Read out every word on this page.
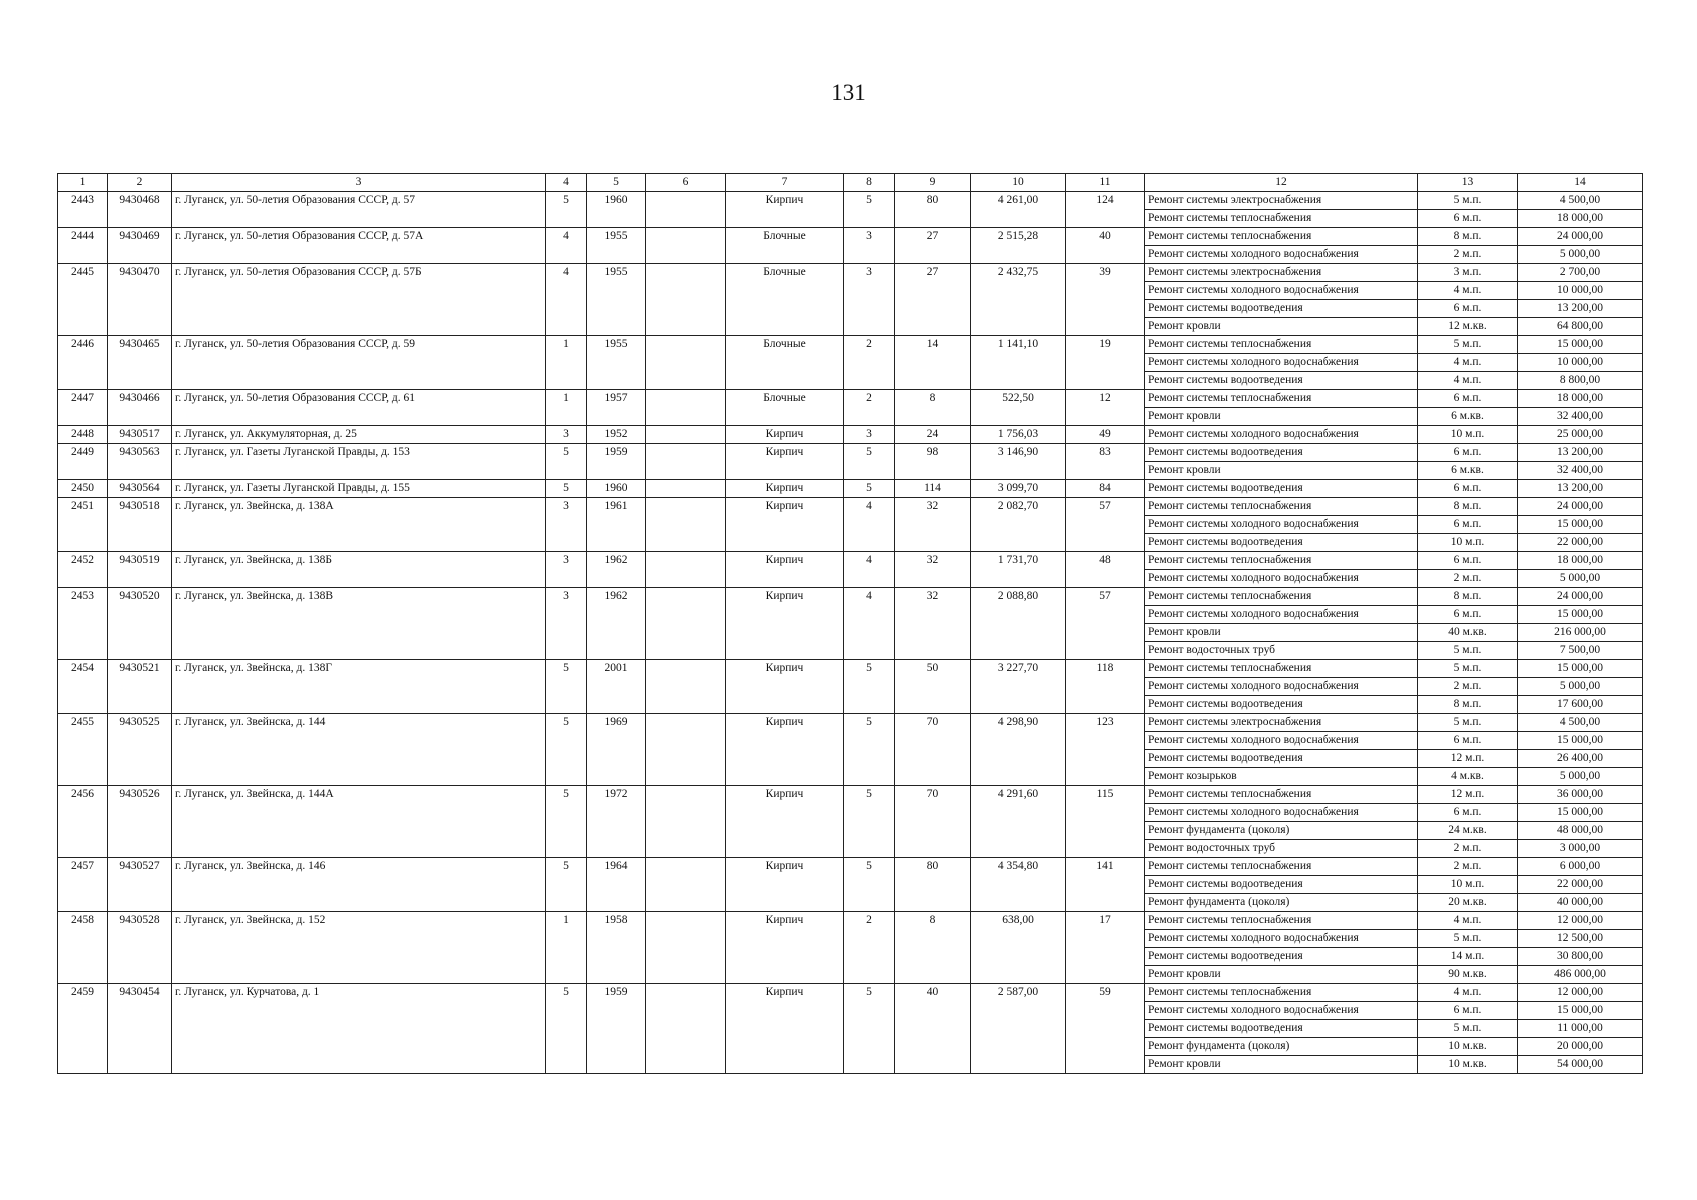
131
1	2	3	4	5	6	7	8	9	10	11	12	13	14
2443	9430468	г. Луганск, ул. 50-летия Образования СССР, д. 57	5	1960		Кирпич	5	80	4 261,00	124	Ремонт системы электроснабжения	5 м.п.	4 500,00
											Ремонт системы теплоснабжения	6 м.п.	18 000,00
2444	9430469	г. Луганск, ул. 50-летия Образования СССР, д. 57А	4	1955		Блочные	3	27	2 515,28	40	Ремонт системы теплоснабжения	8 м.п.	24 000,00
											Ремонт системы холодного водоснабжения	2 м.п.	5 000,00
2445	9430470	г. Луганск, ул. 50-летия Образования СССР, д. 57Б	4	1955		Блочные	3	27	2 432,75	39	Ремонт системы электроснабжения	3 м.п.	2 700,00
											Ремонт системы холодного водоснабжения	4 м.п.	10 000,00
											Ремонт системы водоотведения	6 м.п.	13 200,00
											Ремонт кровли	12 м.кв.	64 800,00
2446	9430465	г. Луганск, ул. 50-летия Образования СССР, д. 59	1	1955		Блочные	2	14	1 141,10	19	Ремонт системы теплоснабжения	5 м.п.	15 000,00
											Ремонт системы холодного водоснабжения	4 м.п.	10 000,00
											Ремонт системы водоотведения	4 м.п.	8 800,00
2447	9430466	г. Луганск, ул. 50-летия Образования СССР, д. 61	1	1957		Блочные	2	8	522,50	12	Ремонт системы теплоснабжения	6 м.п.	18 000,00
											Ремонт кровли	6 м.кв.	32 400,00
2448	9430517	г. Луганск, ул. Аккумуляторная, д. 25	3	1952		Кирпич	3	24	1 756,03	49	Ремонт системы холодного водоснабжения	10 м.п.	25 000,00
2449	9430563	г. Луганск, ул. Газеты Луганской Правды, д. 153	5	1959		Кирпич	5	98	3 146,90	83	Ремонт системы водоотведения	6 м.п.	13 200,00
											Ремонт кровли	6 м.кв.	32 400,00
2450	9430564	г. Луганск, ул. Газеты Луганской Правды, д. 155	5	1960		Кирпич	5	114	3 099,70	84	Ремонт системы водоотведения	6 м.п.	13 200,00
2451	9430518	г. Луганск, ул. Звейнска, д. 138А	3	1961		Кирпич	4	32	2 082,70	57	Ремонт системы теплоснабжения	8 м.п.	24 000,00
											Ремонт системы холодного водоснабжения	6 м.п.	15 000,00
											Ремонт системы водоотведения	10 м.п.	22 000,00
2452	9430519	г. Луганск, ул. Звейнска, д. 138Б	3	1962		Кирпич	4	32	1 731,70	48	Ремонт системы теплоснабжения	6 м.п.	18 000,00
											Ремонт системы холодного водоснабжения	2 м.п.	5 000,00
2453	9430520	г. Луганск, ул. Звейнска, д. 138В	3	1962		Кирпич	4	32	2 088,80	57	Ремонт системы теплоснабжения	8 м.п.	24 000,00
											Ремонт системы холодного водоснабжения	6 м.п.	15 000,00
											Ремонт кровли	40 м.кв.	216 000,00
											Ремонт водосточных труб	5 м.п.	7 500,00
2454	9430521	г. Луганск, ул. Звейнска, д. 138Г	5	2001		Кирпич	5	50	3 227,70	118	Ремонт системы теплоснабжения	5 м.п.	15 000,00
											Ремонт системы холодного водоснабжения	2 м.п.	5 000,00
											Ремонт системы водоотведения	8 м.п.	17 600,00
2455	9430525	г. Луганск, ул. Звейнска, д. 144	5	1969		Кирпич	5	70	4 298,90	123	Ремонт системы электроснабжения	5 м.п.	4 500,00
											Ремонт системы холодного водоснабжения	6 м.п.	15 000,00
											Ремонт системы водоотведения	12 м.п.	26 400,00
											Ремонт козырьков	4 м.кв.	5 000,00
2456	9430526	г. Луганск, ул. Звейнска, д. 144А	5	1972		Кирпич	5	70	4 291,60	115	Ремонт системы теплоснабжения	12 м.п.	36 000,00
											Ремонт системы холодного водоснабжения	6 м.п.	15 000,00
											Ремонт фундамента (цоколя)	24 м.кв.	48 000,00
											Ремонт водосточных труб	2 м.п.	3 000,00
2457	9430527	г. Луганск, ул. Звейнска, д. 146	5	1964		Кирпич	5	80	4 354,80	141	Ремонт системы теплоснабжения	2 м.п.	6 000,00
											Ремонт системы водоотведения	10 м.п.	22 000,00
											Ремонт фундамента (цоколя)	20 м.кв.	40 000,00
2458	9430528	г. Луганск, ул. Звейнска, д. 152	1	1958		Кирпич	2	8	638,00	17	Ремонт системы теплоснабжения	4 м.п.	12 000,00
											Ремонт системы холодного водоснабжения	5 м.п.	12 500,00
											Ремонт системы водоотведения	14 м.п.	30 800,00
											Ремонт кровли	90 м.кв.	486 000,00
2459	9430454	г. Луганск, ул. Курчатова, д. 1	5	1959		Кирпич	5	40	2 587,00	59	Ремонт системы теплоснабжения	4 м.п.	12 000,00
											Ремонт системы холодного водоснабжения	6 м.п.	15 000,00
											Ремонт системы водоотведения	5 м.п.	11 000,00
											Ремонт фундамента (цоколя)	10 м.кв.	20 000,00
											Ремонт кровли	10 м.кв.	54 000,00
